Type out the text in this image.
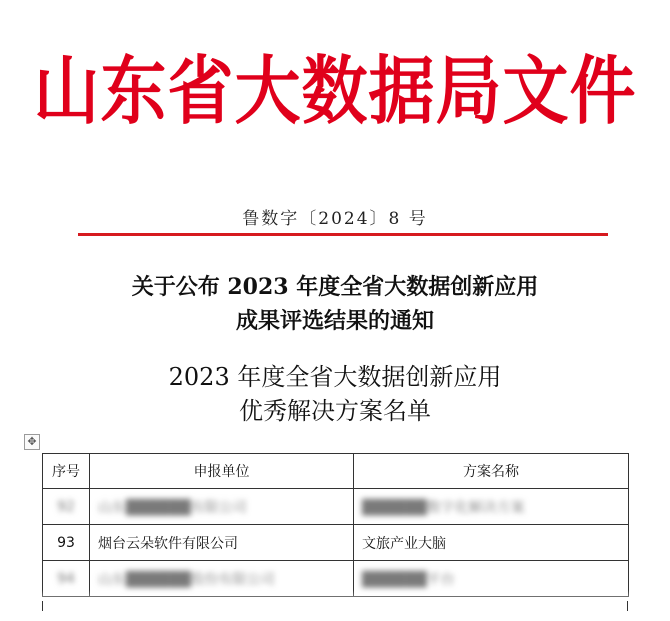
山东省大数据局文件
鲁数字〔2024〕8 号
关于公布 2023 年度全省大数据创新应用
成果评选结果的通知
2023 年度全省大数据创新应用
优秀解决方案名单
✥
序号	申报单位	方案名称
92	山东██████有限公司	██████数字化解决方案
93	烟台云朵软件有限公司	文旅产业大脑
94	山东██████股份有限公司	██████平台
